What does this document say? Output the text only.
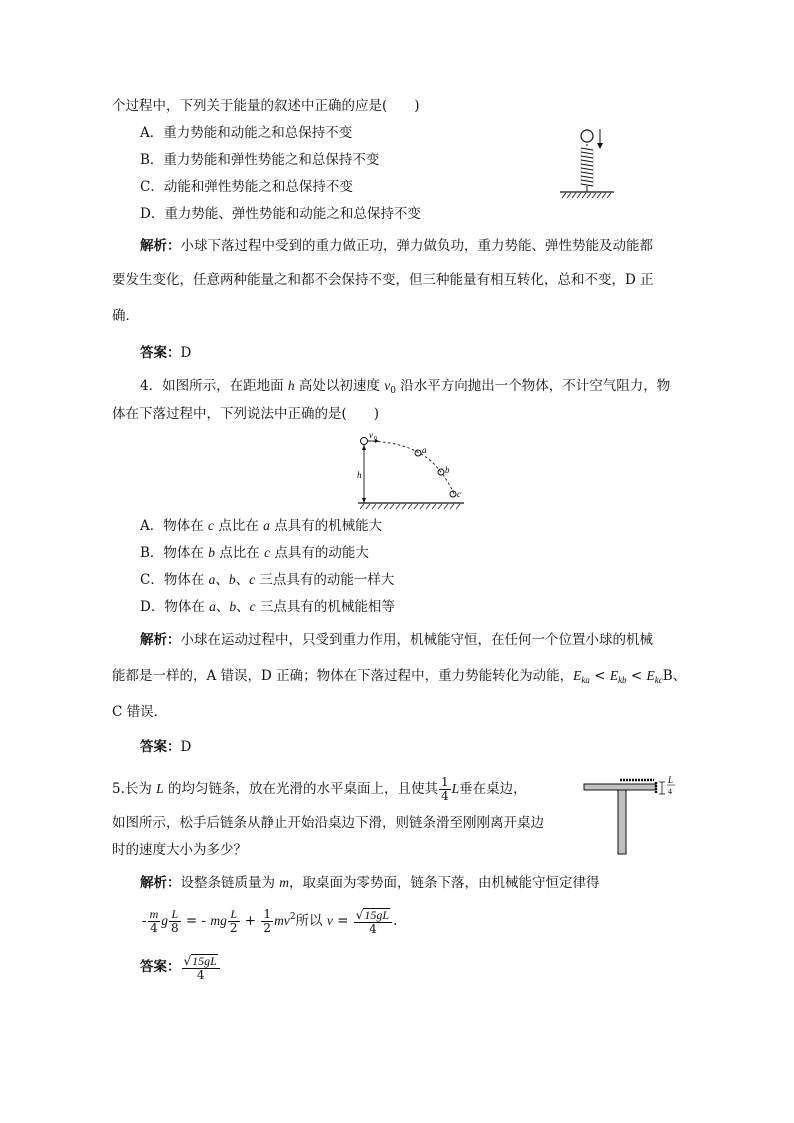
个过程中，下列关于能量的叙述中正确的应是(　　)
A．重力势能和动能之和总保持不变
B．重力势能和弹性势能之和总保持不变
C．动能和弹性势能之和总保持不变
D．重力势能、弹性势能和动能之和总保持不变
解析：小球下落过程中受到的重力做正功，弹力做负功，重力势能、弹性势能及动能都
要发生变化，任意两种能量之和都不会保持不变，但三种能量有相互转化，总和不变，D 正
确．
答案：D
4．如图所示，在距地面 h 高处以初速度 $v_0$ 沿水平方向抛出一个物体，不计空气阻力，物
体在下落过程中，下列说法中正确的是(　　)
v 0
a
b
c
h
A．物体在 c 点比在 a 点具有的机械能大
B．物体在 b 点比在 c 点具有的动能大
C．物体在 a、b、c 三点具有的动能一样大
D．物体在 a、b、c 三点具有的机械能相等
解析：小球在运动过程中，只受到重力作用，机械能守恒，在任何一个位置小球的机械
能都是一样的，A 错误，D 正确；物体在下落过程中，重力势能转化为动能，$E_{ka} < E_{kb} < E_{kc}B$、
C 错误．
答案：D
5.长为 L 的均匀链条，放在光滑的水平桌面上，且使其 $\frac{1}{4}$ L垂在桌边，
如图所示，松手后链条从静止开始沿桌边下滑，则链条滑至刚刚离开桌边
时的速度大小为多少？
L
4
解析：设整条链质量为 m，取桌面为零势面，链条下落，由机械能守恒定律得
- $\frac{m}{4}$ g $\frac{L}{8}$ = - mg $\frac{L}{2} + \frac{1}{2} mv^2$所以 $v = \frac{√15gL}{4}$ .
答案： $\frac{√15gL}{4}$
